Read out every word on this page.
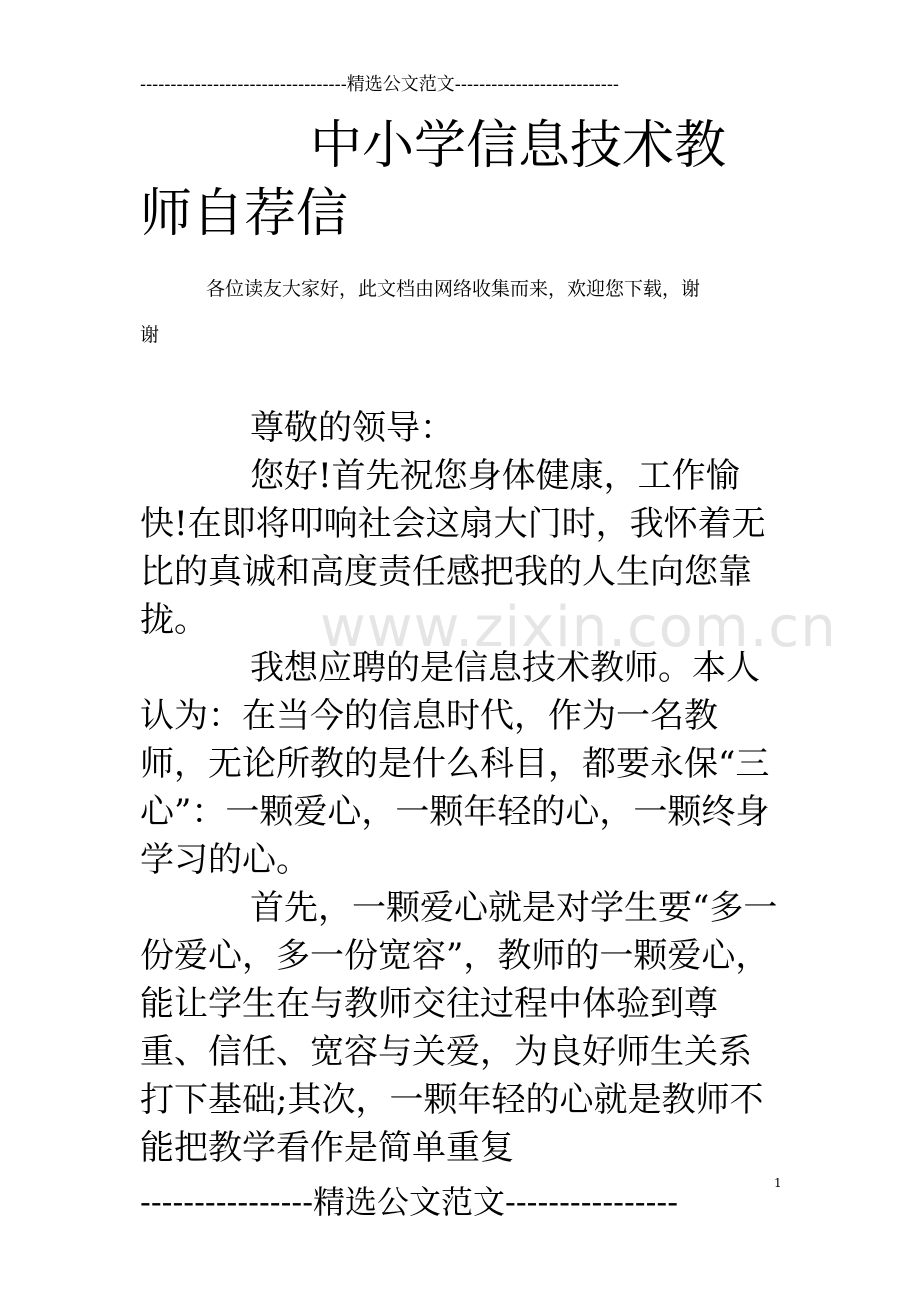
----------------------------------精选公文范文---------------------------
中小学信息技术教
师自荐信
各位读友大家好，此文档由网络收集而来，欢迎您下载，谢
谢
www.zixin.com.cn

尊敬的领导：

您好!首先祝您身体健康，工作愉快!在即将叩响社会这扇大门时，我怀着无比的真诚和高度责任感把我的人生向您靠拢。

我想应聘的是信息技术教师。本人认为：在当今的信息时代，作为一名教师，无论所教的是什么科目，都要永保“三心”：一颗爱心，一颗年轻的心，一颗终身学习的心。

首先，一颗爱心就是对学生要“多一份爱心，多一份宽容”，教师的一颗爱心，能让学生在与教师交往过程中体验到尊重、信任、宽容与关爱，为良好师生关系打下基础;其次，一颗年轻的心就是教师不能把教学看作是简单重复

1
----------------精选公文范文----------------
